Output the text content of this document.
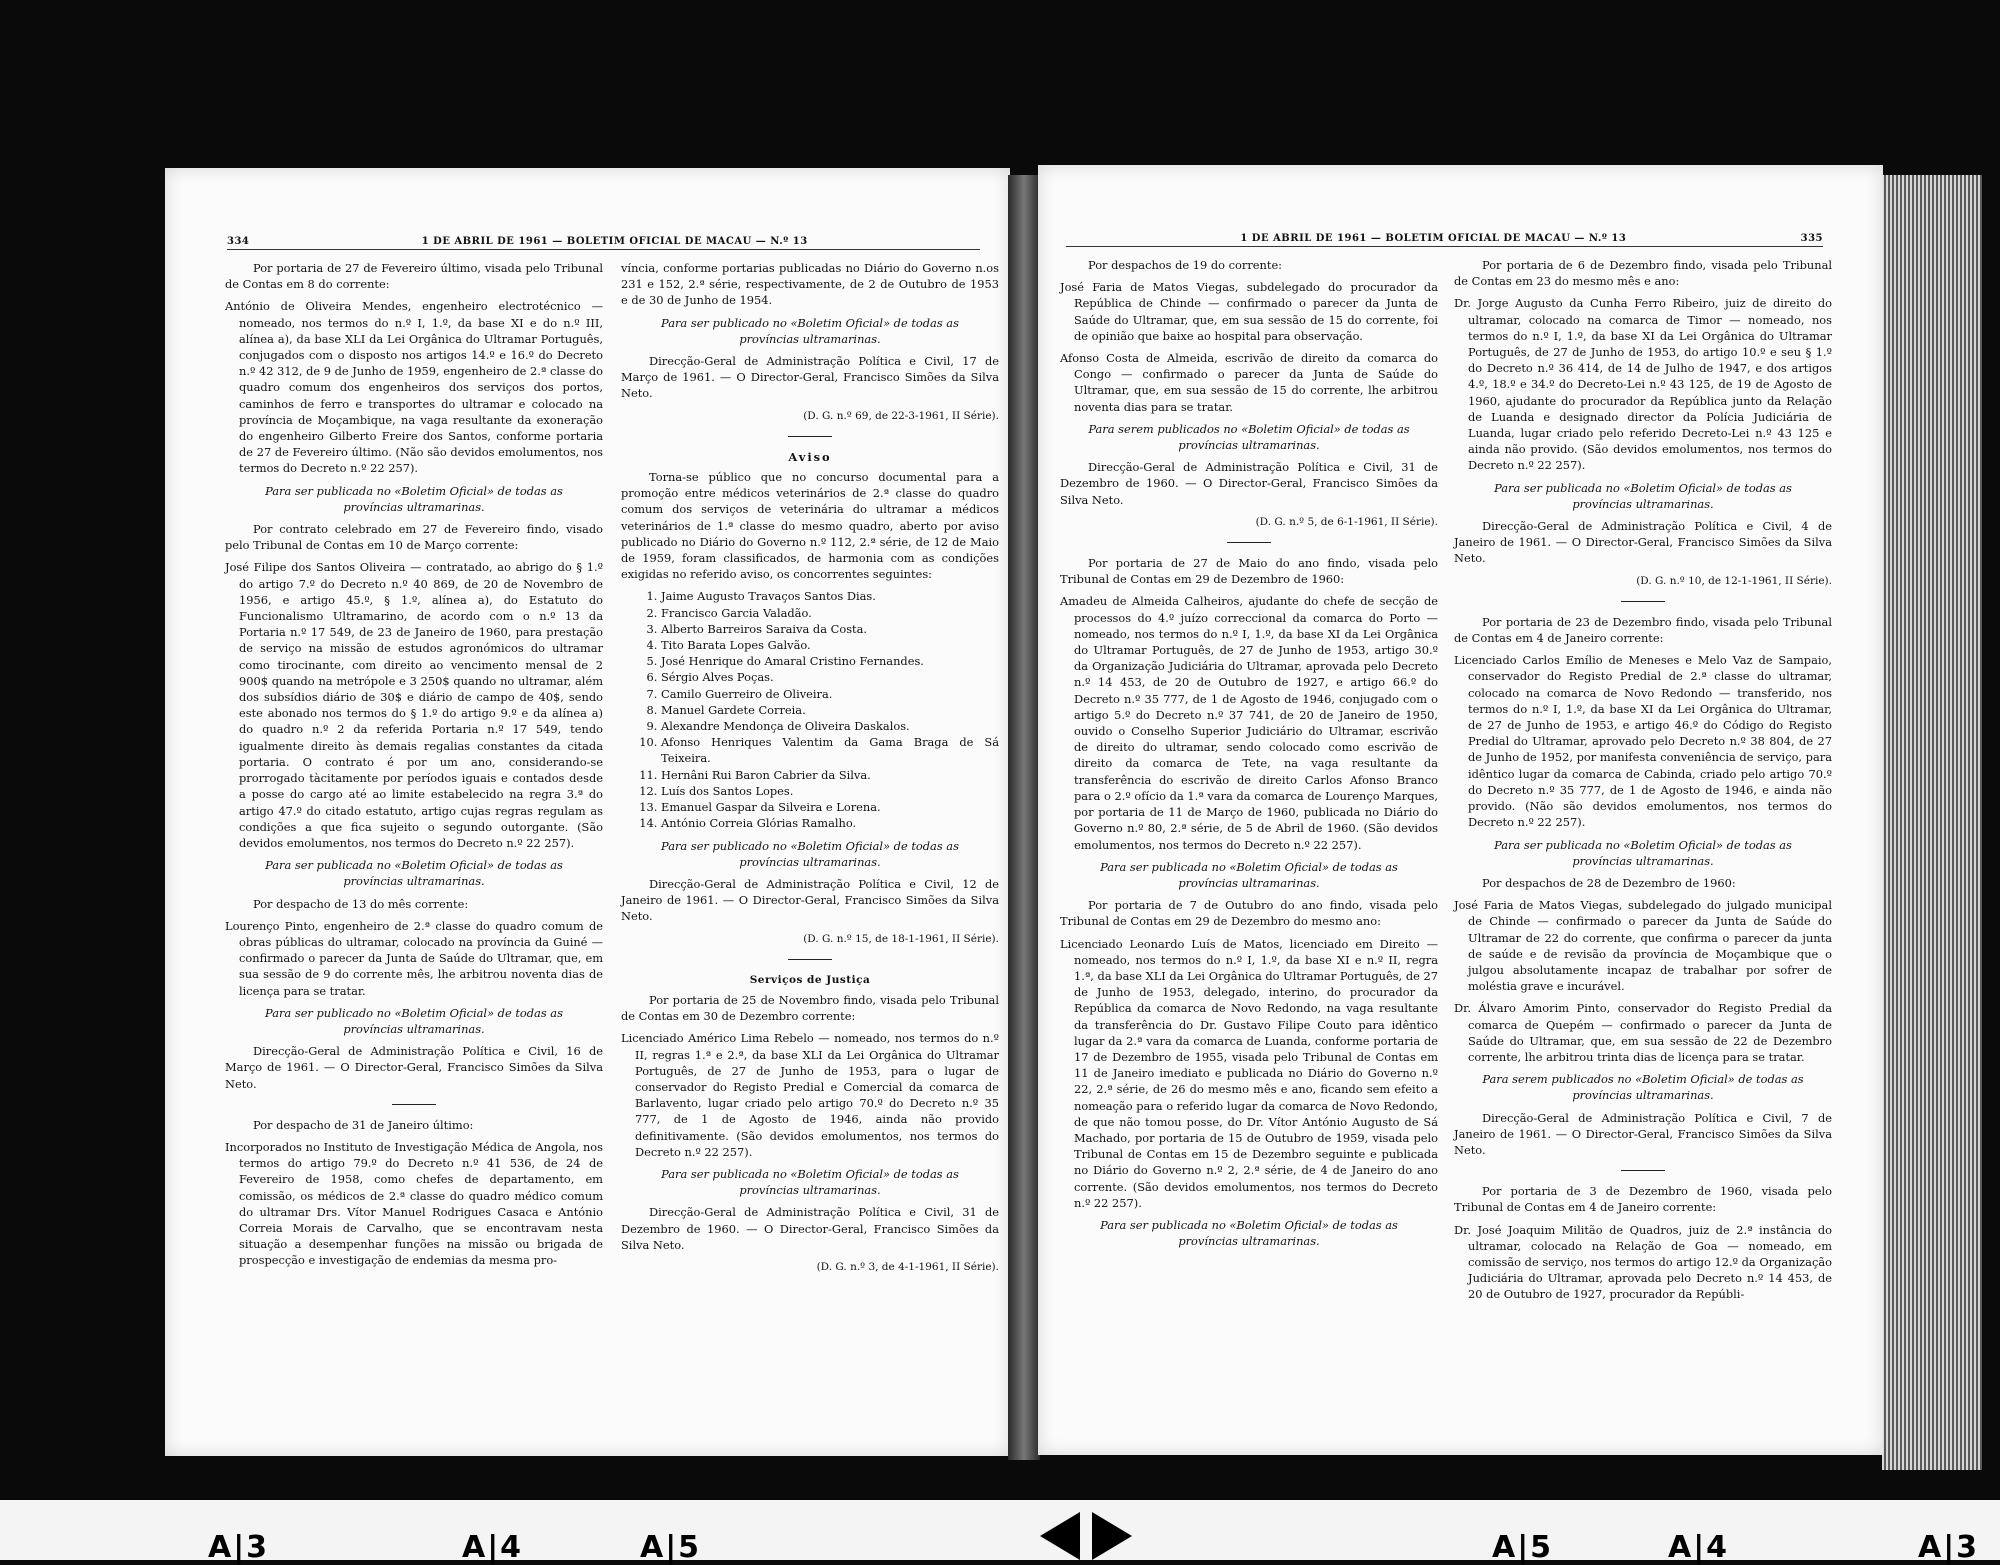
334	1 DE ABRIL DE 1961 — BOLETIM OFICIAL DE MACAU — N.º 13

Por portaria de 27 de Fevereiro último, visada pelo Tribunal de Contas em 8 do corrente:

António de Oliveira Mendes, engenheiro electrotécnico — nomeado, nos termos do n.º I, 1.º, da base XI e do n.º III, alínea a), da base XLI da Lei Orgânica do Ultramar Português, conjugados com o disposto nos artigos 14.º e 16.º do Decreto n.º 42 312, de 9 de Junho de 1959, engenheiro de 2.ª classe do quadro comum dos engenheiros dos serviços dos portos, caminhos de ferro e transportes do ultramar e colocado na província de Moçambique, na vaga resultante da exoneração do engenheiro Gilberto Freire dos Santos, conforme portaria de 27 de Fevereiro último. (Não são devidos emolumentos, nos termos do Decreto n.º 22 257).

Para ser publicada no «Boletim Oficial» de todas as províncias ultramarinas.

Por contrato celebrado em 27 de Fevereiro findo, visado pelo Tribunal de Contas em 10 de Março corrente:

José Filipe dos Santos Oliveira — contratado, ao abrigo do § 1.º do artigo 7.º do Decreto n.º 40 869, de 20 de Novembro de 1956, e artigo 45.º, § 1.º, alínea a), do Estatuto do Funcionalismo Ultramarino, de acordo com o n.º 13 da Portaria n.º 17 549, de 23 de Janeiro de 1960, para prestação de serviço na missão de estudos agronómicos do ultramar como tirocinante, com direito ao vencimento mensal de 2 900$ quando na metrópole e 3 250$ quando no ultramar, além dos subsídios diário de 30$ e diário de campo de 40$, sendo este abonado nos termos do § 1.º do artigo 9.º e da alínea a) do quadro n.º 2 da referida Portaria n.º 17 549, tendo igualmente direito às demais regalias constantes da citada portaria. O contrato é por um ano, considerando-se prorrogado tàcitamente por períodos iguais e contados desde a posse do cargo até ao limite estabelecido na regra 3.ª do artigo 47.º do citado estatuto, artigo cujas regras regulam as condições a que fica sujeito o segundo outorgante. (São devidos emolumentos, nos termos do Decreto n.º 22 257).

Para ser publicada no «Boletim Oficial» de todas as províncias ultramarinas.

Por despacho de 13 do mês corrente:

Lourenço Pinto, engenheiro de 2.ª classe do quadro comum de obras públicas do ultramar, colocado na província da Guiné — confirmado o parecer da Junta de Saúde do Ultramar, que, em sua sessão de 9 do corrente mês, lhe arbitrou noventa dias de licença para se tratar.

Para ser publicado no «Boletim Oficial» de todas as províncias ultramarinas.

Direcção-Geral de Administração Política e Civil, 16 de Março de 1961. — O Director-Geral, Francisco Simões da Silva Neto.

Por despacho de 31 de Janeiro último:

Incorporados no Instituto de Investigação Médica de Angola, nos termos do artigo 79.º do Decreto n.º 41 536, de 24 de Fevereiro de 1958, como chefes de departamento, em comissão, os médicos de 2.ª classe do quadro médico comum do ultramar Drs. Vítor Manuel Rodrigues Casaca e António Correia Morais de Carvalho, que se encontravam nesta situação a desempenhar funções na missão ou brigada de prospecção e investigação de endemias da mesma pro-

víncia, conforme portarias publicadas no Diário do Governo n.os 231 e 152, 2.ª série, respectivamente, de 2 de Outubro de 1953 e de 30 de Junho de 1954.

Para ser publicado no «Boletim Oficial» de todas as províncias ultramarinas.

Direcção-Geral de Administração Política e Civil, 17 de Março de 1961. — O Director-Geral, Francisco Simões da Silva Neto.

(D. G. n.º 69, de 22-3-1961, II Série).

Aviso

Torna-se público que no concurso documental para a promoção entre médicos veterinários de 2.ª classe do quadro comum dos serviços de veterinária do ultramar a médicos veterinários de 1.ª classe do mesmo quadro, aberto por aviso publicado no Diário do Governo n.º 112, 2.ª série, de 12 de Maio de 1959, foram classificados, de harmonia com as condições exigidas no referido aviso, os concorrentes seguintes:

1. Jaime Augusto Travaços Santos Dias.
2. Francisco Garcia Valadão.
3. Alberto Barreiros Saraiva da Costa.
4. Tito Barata Lopes Galvão.
5. José Henrique do Amaral Cristino Fernandes.
6. Sérgio Alves Poças.
7. Camilo Guerreiro de Oliveira.
8. Manuel Gardete Correia.
9. Alexandre Mendonça de Oliveira Daskalos.
10. Afonso Henriques Valentim da Gama Braga de Sá Teixeira.
11. Hernâni Rui Baron Cabrier da Silva.
12. Luís dos Santos Lopes.
13. Emanuel Gaspar da Silveira e Lorena.
14. António Correia Glórias Ramalho.

Para ser publicado no «Boletim Oficial» de todas as províncias ultramarinas.

Direcção-Geral de Administração Política e Civil, 12 de Janeiro de 1961. — O Director-Geral, Francisco Simões da Silva Neto.

(D. G. n.º 15, de 18-1-1961, II Série).

Serviços de Justiça

Por portaria de 25 de Novembro findo, visada pelo Tribunal de Contas em 30 de Dezembro corrente:

Licenciado Américo Lima Rebelo — nomeado, nos termos do n.º II, regras 1.ª e 2.ª, da base XLI da Lei Orgânica do Ultramar Português, de 27 de Junho de 1953, para o lugar de conservador do Registo Predial e Comercial da comarca de Barlavento, lugar criado pelo artigo 70.º do Decreto n.º 35 777, de 1 de Agosto de 1946, ainda não provido definitivamente. (São devidos emolumentos, nos termos do Decreto n.º 22 257).

Para ser publicada no «Boletim Oficial» de todas as províncias ultramarinas.

Direcção-Geral de Administração Política e Civil, 31 de Dezembro de 1960. — O Director-Geral, Francisco Simões da Silva Neto.

(D. G. n.º 3, de 4-1-1961, II Série).

1 DE ABRIL DE 1961 — BOLETIM OFICIAL DE MACAU — N.º 13	335

Por despachos de 19 do corrente:

José Faria de Matos Viegas, subdelegado do procurador da República de Chinde — confirmado o parecer da Junta de Saúde do Ultramar, que, em sua sessão de 15 do corrente, foi de opinião que baixe ao hospital para observação.

Afonso Costa de Almeida, escrivão de direito da comarca do Congo — confirmado o parecer da Junta de Saúde do Ultramar, que, em sua sessão de 15 do corrente, lhe arbitrou noventa dias para se tratar.

Para serem publicados no «Boletim Oficial» de todas as províncias ultramarinas.

Direcção-Geral de Administração Política e Civil, 31 de Dezembro de 1960. — O Director-Geral, Francisco Simões da Silva Neto.

(D. G. n.º 5, de 6-1-1961, II Série).

Por portaria de 27 de Maio do ano findo, visada pelo Tribunal de Contas em 29 de Dezembro de 1960:

Amadeu de Almeida Calheiros, ajudante do chefe de secção de processos do 4.º juízo correccional da comarca do Porto — nomeado, nos termos do n.º I, 1.º, da base XI da Lei Orgânica do Ultramar Português, de 27 de Junho de 1953, artigo 30.º da Organização Judiciária do Ultramar, aprovada pelo Decreto n.º 14 453, de 20 de Outubro de 1927, e artigo 66.º do Decreto n.º 35 777, de 1 de Agosto de 1946, conjugado com o artigo 5.º do Decreto n.º 37 741, de 20 de Janeiro de 1950, ouvido o Conselho Superior Judiciário do Ultramar, escrivão de direito do ultramar, sendo colocado como escrivão de direito da comarca de Tete, na vaga resultante da transferência do escrivão de direito Carlos Afonso Branco para o 2.º ofício da 1.ª vara da comarca de Lourenço Marques, por portaria de 11 de Março de 1960, publicada no Diário do Governo n.º 80, 2.ª série, de 5 de Abril de 1960. (São devidos emolumentos, nos termos do Decreto n.º 22 257).

Para ser publicada no «Boletim Oficial» de todas as províncias ultramarinas.

Por portaria de 7 de Outubro do ano findo, visada pelo Tribunal de Contas em 29 de Dezembro do mesmo ano:

Licenciado Leonardo Luís de Matos, licenciado em Direito — nomeado, nos termos do n.º I, 1.º, da base XI e n.º II, regra 1.ª, da base XLI da Lei Orgânica do Ultramar Português, de 27 de Junho de 1953, delegado, interino, do procurador da República da comarca de Novo Redondo, na vaga resultante da transferência do Dr. Gustavo Filipe Couto para idêntico lugar da 2.ª vara da comarca de Luanda, conforme portaria de 17 de Dezembro de 1955, visada pelo Tribunal de Contas em 11 de Janeiro imediato e publicada no Diário do Governo n.º 22, 2.ª série, de 26 do mesmo mês e ano, ficando sem efeito a nomeação para o referido lugar da comarca de Novo Redondo, de que não tomou posse, do Dr. Vítor António Augusto de Sá Machado, por portaria de 15 de Outubro de 1959, visada pelo Tribunal de Contas em 15 de Dezembro seguinte e publicada no Diário do Governo n.º 2, 2.ª série, de 4 de Janeiro do ano corrente. (São devidos emolumentos, nos termos do Decreto n.º 22 257).

Para ser publicada no «Boletim Oficial» de todas as províncias ultramarinas.

Por portaria de 6 de Dezembro findo, visada pelo Tribunal de Contas em 23 do mesmo mês e ano:

Dr. Jorge Augusto da Cunha Ferro Ribeiro, juiz de direito do ultramar, colocado na comarca de Timor — nomeado, nos termos do n.º I, 1.º, da base XI da Lei Orgânica do Ultramar Português, de 27 de Junho de 1953, do artigo 10.º e seu § 1.º do Decreto n.º 36 414, de 14 de Julho de 1947, e dos artigos 4.º, 18.º e 34.º do Decreto-Lei n.º 43 125, de 19 de Agosto de 1960, ajudante do procurador da República junto da Relação de Luanda e designado director da Polícia Judiciária de Luanda, lugar criado pelo referido Decreto-Lei n.º 43 125 e ainda não provido. (São devidos emolumentos, nos termos do Decreto n.º 22 257).

Para ser publicada no «Boletim Oficial» de todas as províncias ultramarinas.

Direcção-Geral de Administração Política e Civil, 4 de Janeiro de 1961. — O Director-Geral, Francisco Simões da Silva Neto.

(D. G. n.º 10, de 12-1-1961, II Série).

Por portaria de 23 de Dezembro findo, visada pelo Tribunal de Contas em 4 de Janeiro corrente:

Licenciado Carlos Emílio de Meneses e Melo Vaz de Sampaio, conservador do Registo Predial de 2.ª classe do ultramar, colocado na comarca de Novo Redondo — transferido, nos termos do n.º I, 1.º, da base XI da Lei Orgânica do Ultramar, de 27 de Junho de 1953, e artigo 46.º do Código do Registo Predial do Ultramar, aprovado pelo Decreto n.º 38 804, de 27 de Junho de 1952, por manifesta conveniência de serviço, para idêntico lugar da comarca de Cabinda, criado pelo artigo 70.º do Decreto n.º 35 777, de 1 de Agosto de 1946, e ainda não provido. (Não são devidos emolumentos, nos termos do Decreto n.º 22 257).

Para ser publicada no «Boletim Oficial» de todas as províncias ultramarinas.

Por despachos de 28 de Dezembro de 1960:

José Faria de Matos Viegas, subdelegado do julgado municipal de Chinde — confirmado o parecer da Junta de Saúde do Ultramar de 22 do corrente, que confirma o parecer da junta de saúde e de revisão da província de Moçambique que o julgou absolutamente incapaz de trabalhar por sofrer de moléstia grave e incurável.

Dr. Álvaro Amorim Pinto, conservador do Registo Predial da comarca de Quepém — confirmado o parecer da Junta de Saúde do Ultramar, que, em sua sessão de 22 de Dezembro corrente, lhe arbitrou trinta dias de licença para se tratar.

Para serem publicados no «Boletim Oficial» de todas as províncias ultramarinas.

Direcção-Geral de Administração Política e Civil, 7 de Janeiro de 1961. — O Director-Geral, Francisco Simões da Silva Neto.

Por portaria de 3 de Dezembro de 1960, visada pelo Tribunal de Contas em 4 de Janeiro corrente:

Dr. José Joaquim Militão de Quadros, juiz de 2.ª instância do ultramar, colocado na Relação de Goa — nomeado, em comissão de serviço, nos termos do artigo 12.º da Organização Judiciária do Ultramar, aprovada pelo Decreto n.º 14 453, de 20 de Outubro de 1927, procurador da Repúbli-

A|3	A|4	A|5	A|5	A|4	A|3
